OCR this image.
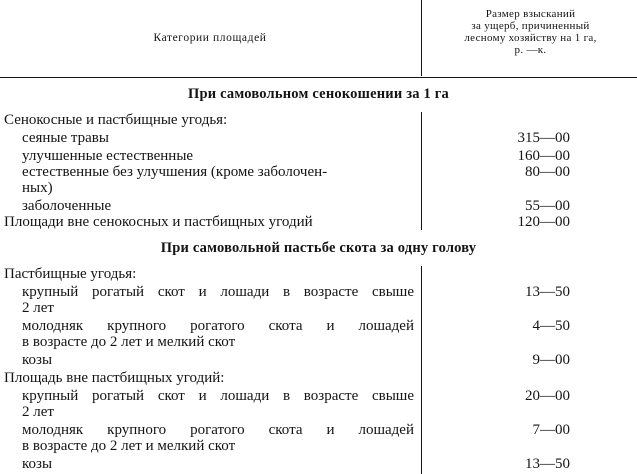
Категории площадей
Размер взысканий
за ущерб, причиненный
лесному хозяйству на 1 га,
р. —к.
При самовольном сенокошении за 1 га
Сенокосные и пастбищные угодья:
сеяные травы	315—00
улучшенные естественные	160—00
естественные без улучшения (кроме заболочен-	80—00
ных)
заболоченные	55—00
Площади вне сенокосных и пастбищных угодий	120—00
При самовольной пастьбе скота за одну голову
Пастбищные угодья:
крупный рогатый скот и лошади в возрасте свыше	13—50
2 лет
молодняк крупного рогатого скота и лошадей	4—50
в возрасте до 2 лет и мелкий скот
козы	9—00
Площадь вне пастбищных угодий:
крупный рогатый скот и лошади в возрасте свыше	20—00
2 лет
молодняк крупного рогатого скота и лошадей	7—00
в возрасте до 2 лет и мелкий скот
козы	13—50
